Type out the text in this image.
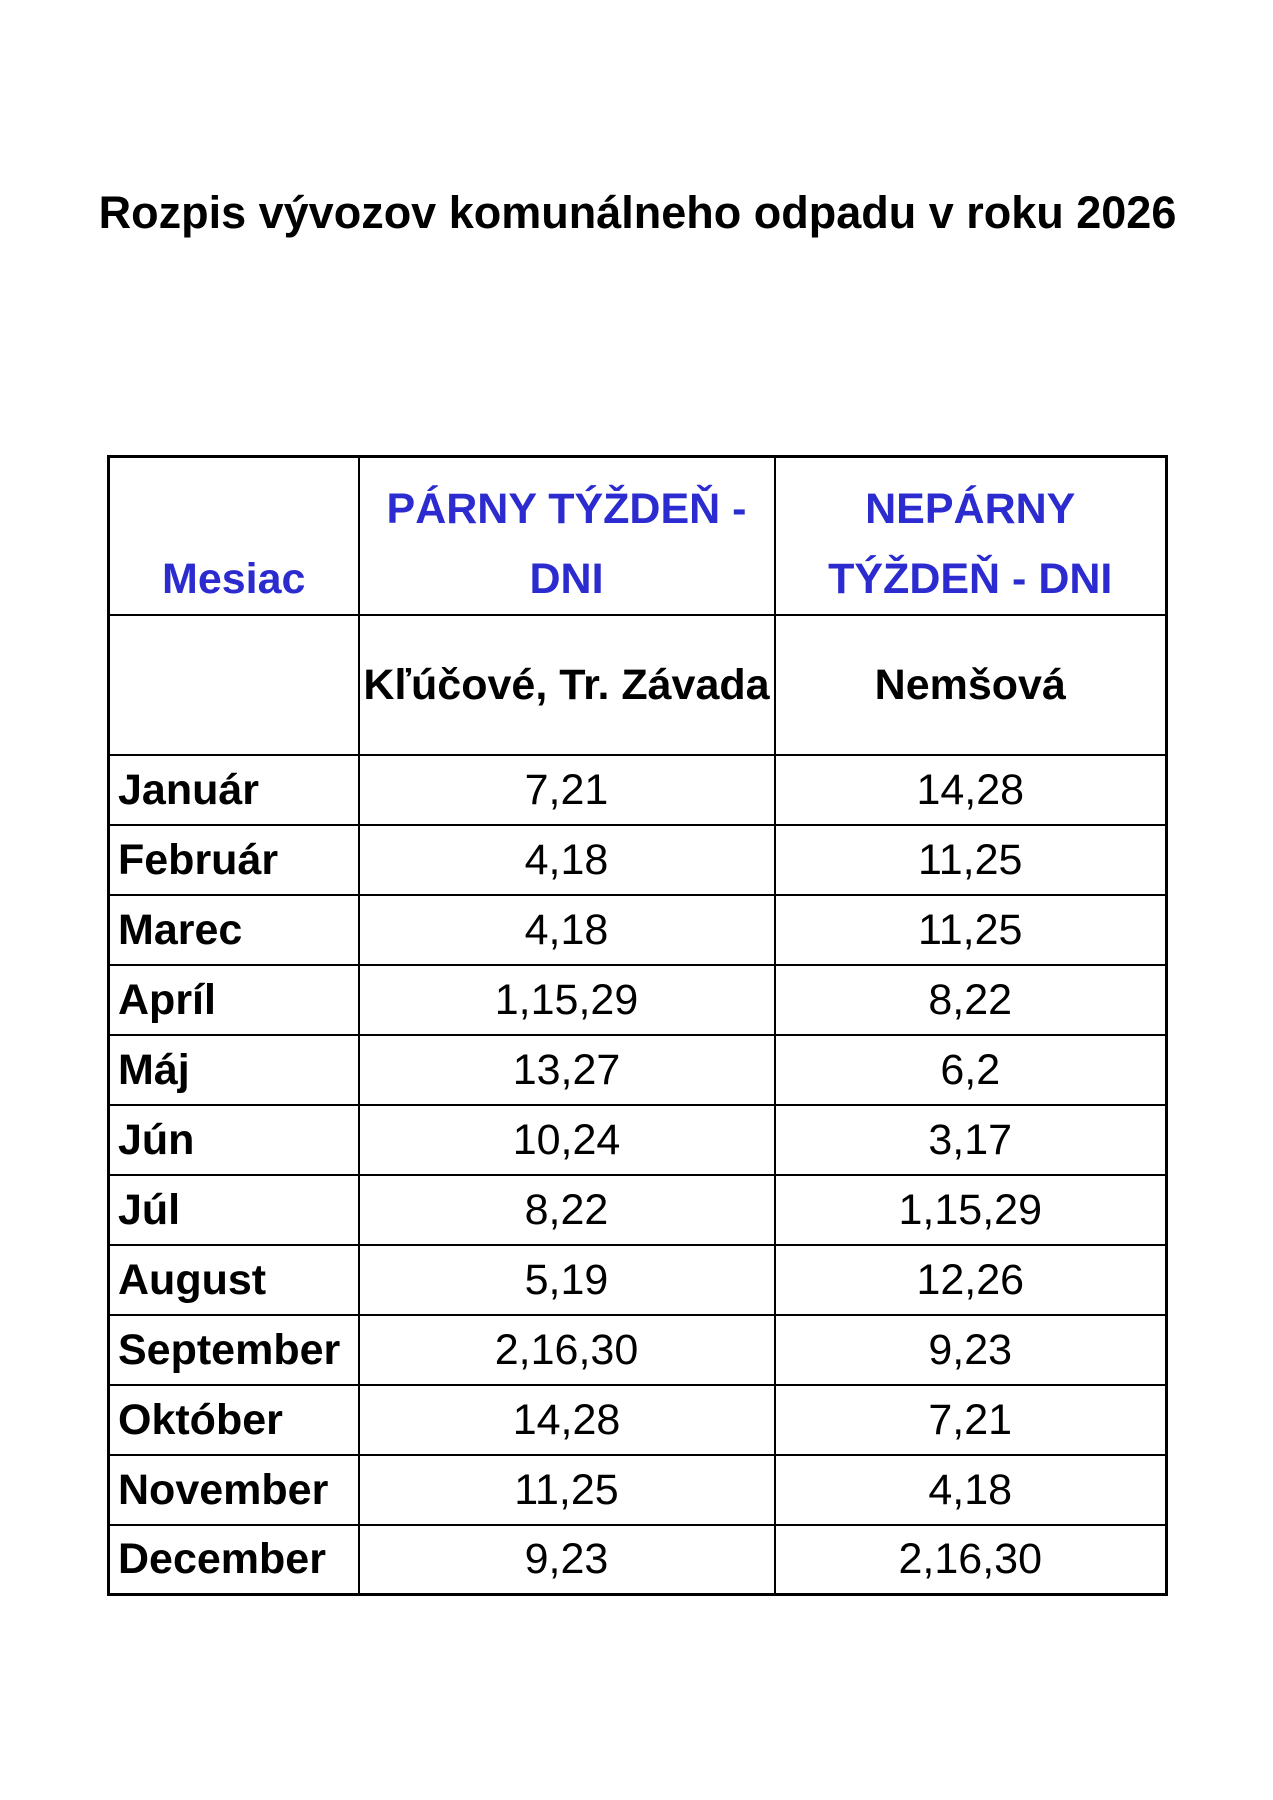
Rozpis vývozov komunálneho odpadu v roku 2026
Mesiac	PÁRNY TÝŽDEŇ - DNI	NEPÁRNY TÝŽDEŇ - DNI
	Kľúčové, Tr. Závada	Nemšová
Január	7,21	14,28
Február	4,18	11,25
Marec	4,18	11,25
Apríl	1,15,29	8,22
Máj	13,27	6,2
Jún	10,24	3,17
Júl	8,22	1,15,29
August	5,19	12,26
September	2,16,30	9,23
Október	14,28	7,21
November	11,25	4,18
December	9,23	2,16,30
